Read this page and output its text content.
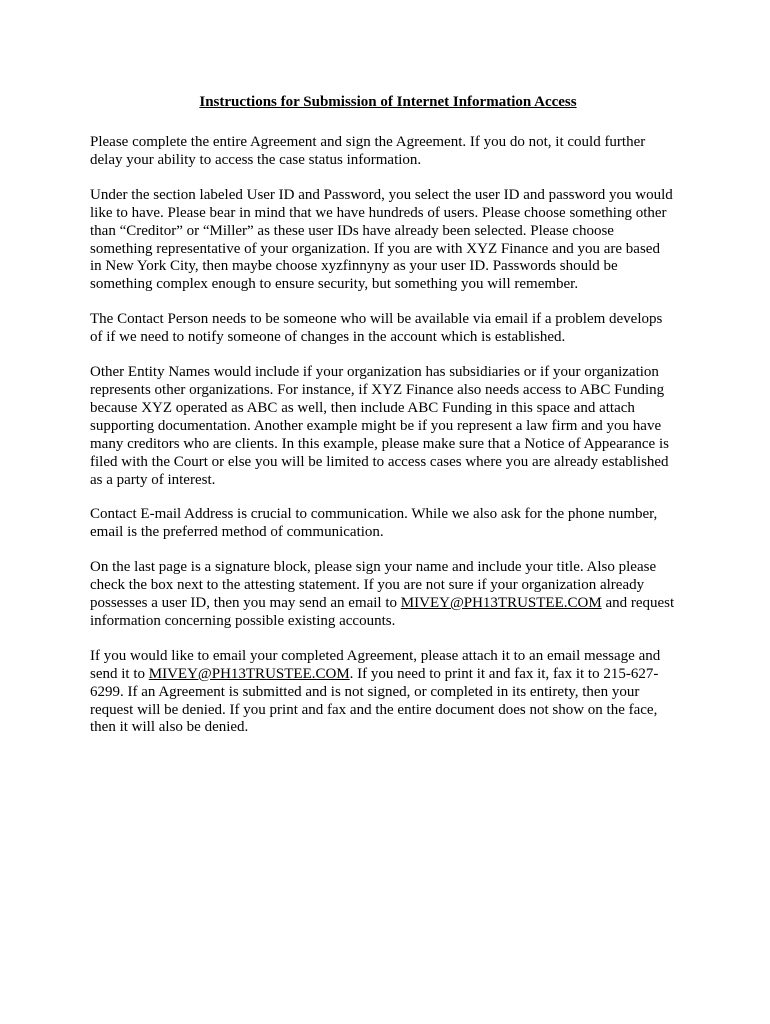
Instructions for Submission of Internet Information Access
Please complete the entire Agreement and sign the Agreement. If you do not, it could further
delay your ability to access the case status information.
Under the section labeled User ID and Password, you select the user ID and password you would
like to have. Please bear in mind that we have hundreds of users. Please choose something other
than “Creditor” or “Miller” as these user IDs have already been selected. Please choose
something representative of your organization. If you are with XYZ Finance and you are based
in New York City, then maybe choose xyzfinnyny as your user ID. Passwords should be
something complex enough to ensure security, but something you will remember.
The Contact Person needs to be someone who will be available via email if a problem develops
of if we need to notify someone of changes in the account which is established.
Other Entity Names would include if your organization has subsidiaries or if your organization
represents other organizations. For instance, if XYZ Finance also needs access to ABC Funding
because XYZ operated as ABC as well, then include ABC Funding in this space and attach
supporting documentation. Another example might be if you represent a law firm and you have
many creditors who are clients. In this example, please make sure that a Notice of Appearance is
filed with the Court or else you will be limited to access cases where you are already established
as a party of interest.
Contact E-mail Address is crucial to communication. While we also ask for the phone number,
email is the preferred method of communication.
On the last page is a signature block, please sign your name and include your title. Also please
check the box next to the attesting statement. If you are not sure if your organization already
possesses a user ID, then you may send an email to MIVEY@PH13TRUSTEE.COM and request
information concerning possible existing accounts.
If you would like to email your completed Agreement, please attach it to an email message and
send it to MIVEY@PH13TRUSTEE.COM. If you need to print it and fax it, fax it to 215-627-
6299. If an Agreement is submitted and is not signed, or completed in its entirety, then your
request will be denied. If you print and fax and the entire document does not show on the face,
then it will also be denied.
